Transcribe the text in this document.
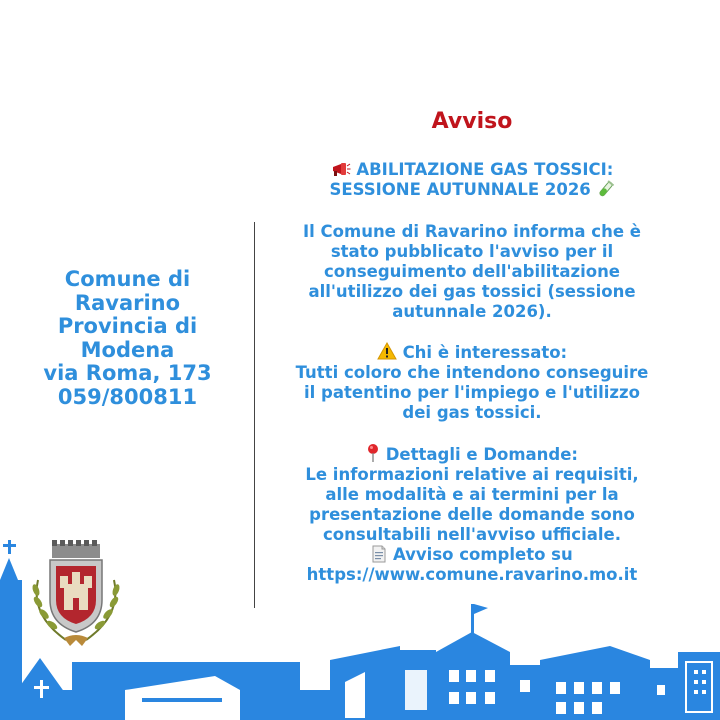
Comune di
Ravarino
Provincia di
Modena
via Roma, 173
059/800811
Avviso
ABILITAZIONE GAS TOSSICI:
SESSIONE AUTUNNALE 2026
Il Comune di Ravarino informa che è
stato pubblicato l'avviso per il
conseguimento dell'abilitazione
all'utilizzo dei gas tossici (sessione
autunnale 2026).
Chi è interessato:
Tutti coloro che intendono conseguire
il patentino per l'impiego e l'utilizzo
dei gas tossici.
Dettagli e Domande:
Le informazioni relative ai requisiti,
alle modalità e ai termini per la
presentazione delle domande sono
consultabili nell'avviso ufficiale.
Avviso completo su
https://www.comune.ravarino.mo.it
